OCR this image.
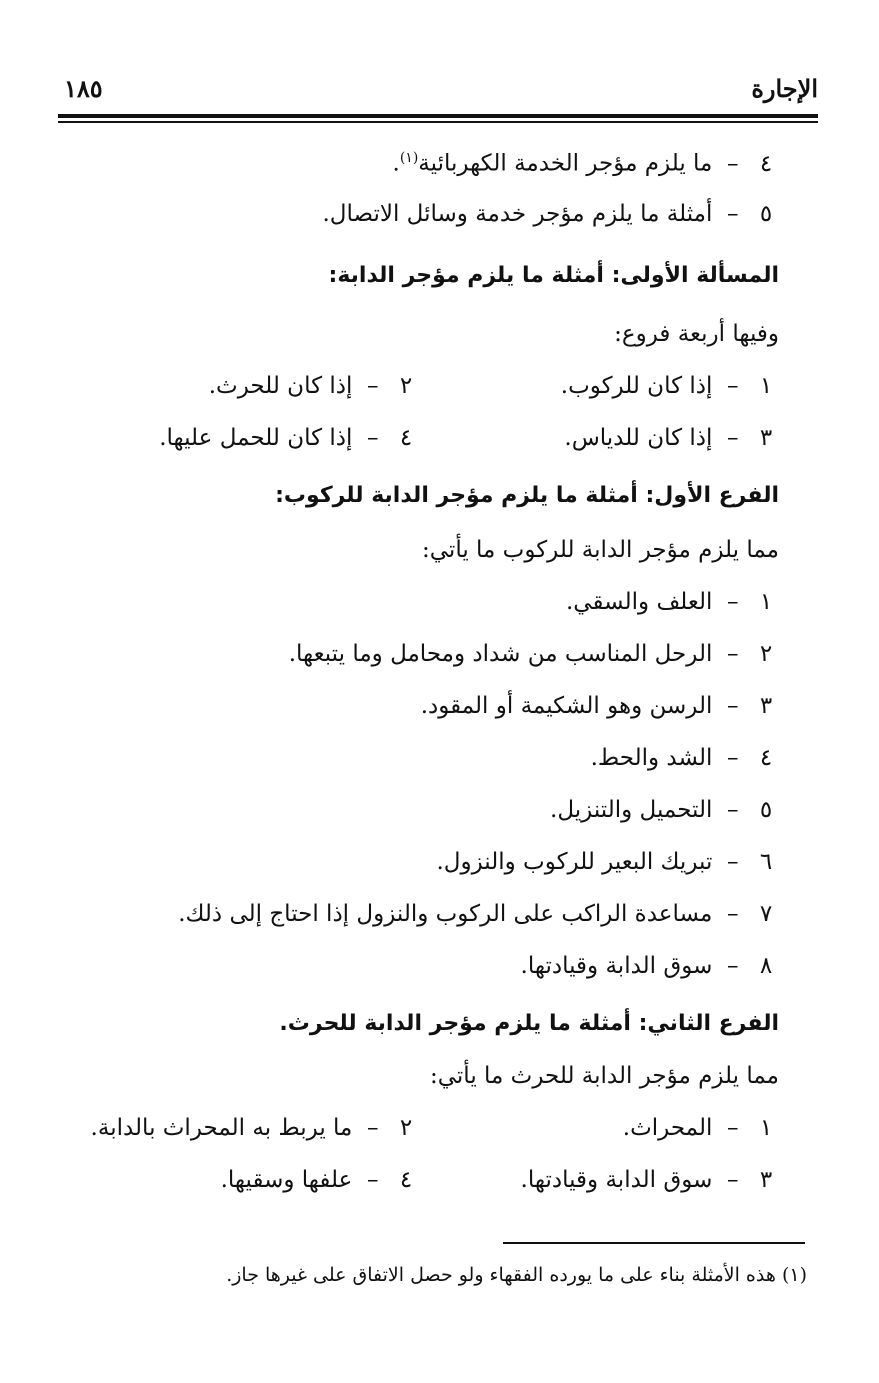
الإجارة
١٨٥
٤ – ما يلزم مؤجر الخدمة الكهربائية$^{(١)}$.
٥ – أمثلة ما يلزم مؤجر خدمة وسائل الاتصال.
المسألة الأولى: أمثلة ما يلزم مؤجر الدابة:
وفيها أربعة فروع:
١ – إذا كان للركوب.
٢ – إذا كان للحرث.
٣ – إذا كان للدياس.
٤ – إذا كان للحمل عليها.
الفرع الأول: أمثلة ما يلزم مؤجر الدابة للركوب:
مما يلزم مؤجر الدابة للركوب ما يأتي:
١ – العلف والسقي.
٢ – الرحل المناسب من شداد ومحامل وما يتبعها.
٣ – الرسن وهو الشكيمة أو المقود.
٤ – الشد والحط.
٥ – التحميل والتنزيل.
٦ – تبريك البعير للركوب والنزول.
٧ – مساعدة الراكب على الركوب والنزول إذا احتاج إلى ذلك.
٨ – سوق الدابة وقيادتها.
الفرع الثاني: أمثلة ما يلزم مؤجر الدابة للحرث.
مما يلزم مؤجر الدابة للحرث ما يأتي:
١ – المحراث.
٢ – ما يربط به المحراث بالدابة.
٣ – سوق الدابة وقيادتها.
٤ – علفها وسقيها.
(١) هذه الأمثلة بناء على ما يورده الفقهاء ولو حصل الاتفاق على غيرها جاز.
